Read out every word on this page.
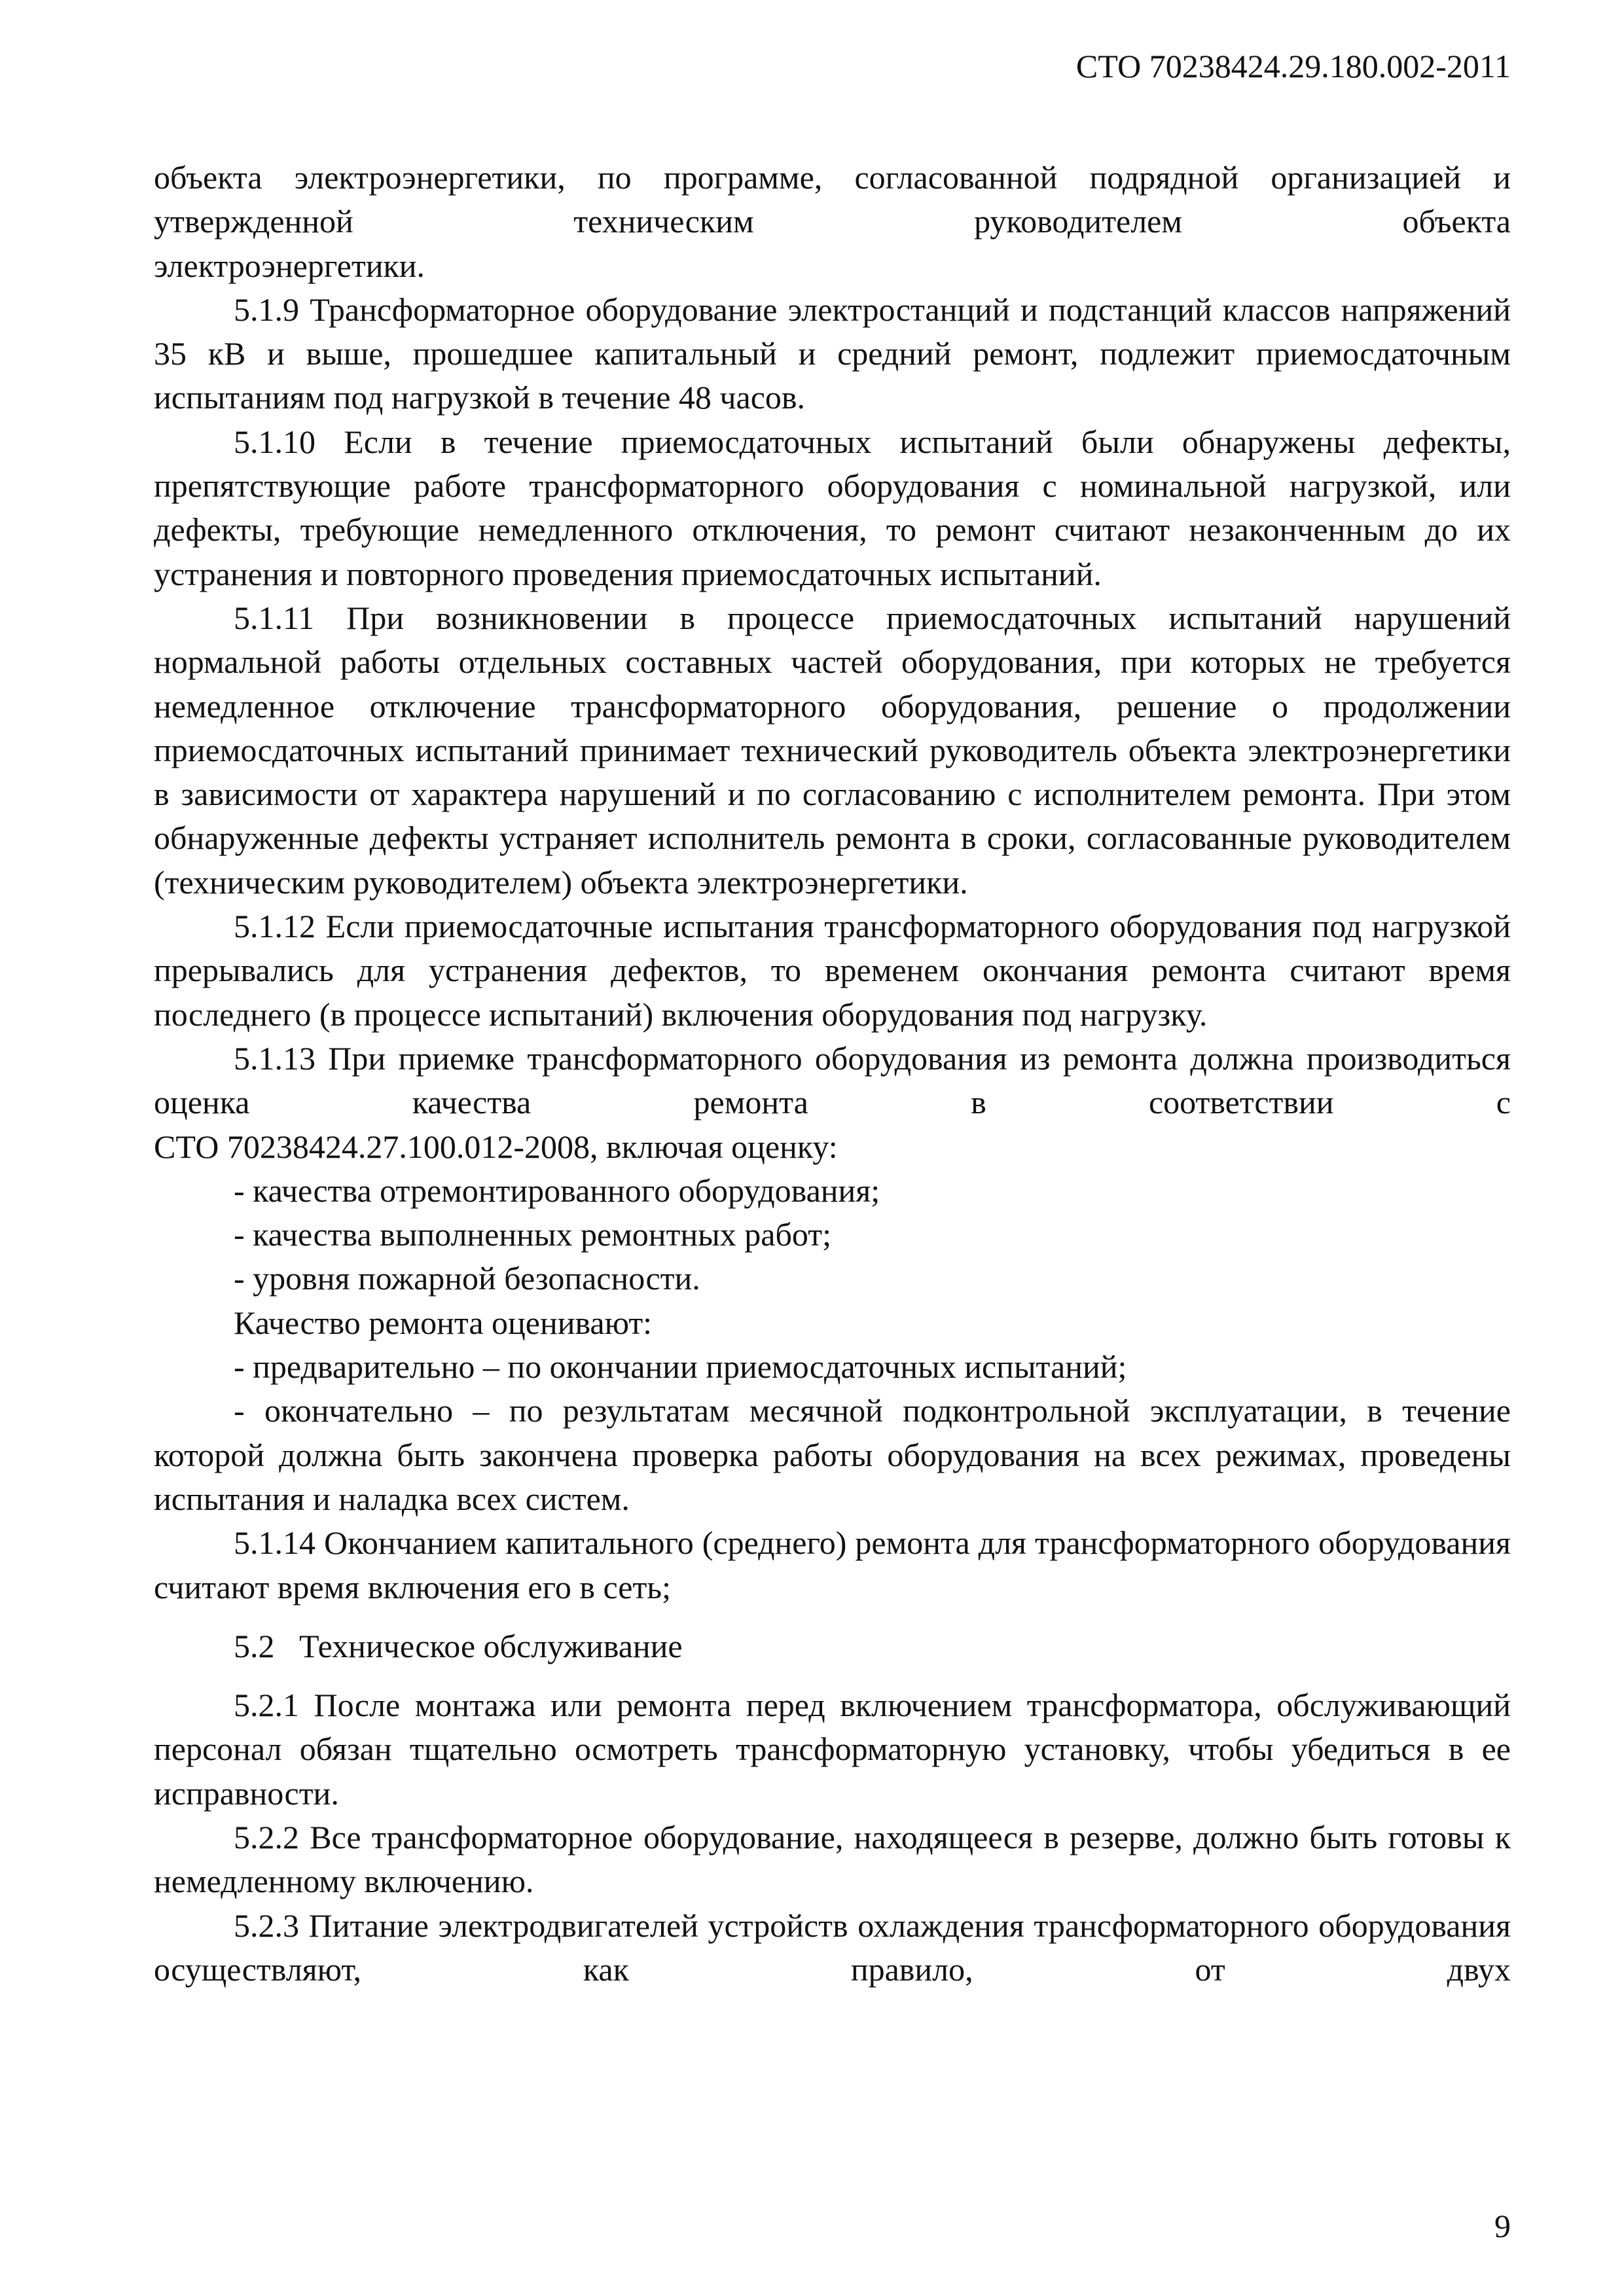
СТО 70238424.29.180.002-2011

объекта электроэнергетики, по программе, согласованной подрядной организацией и утвержденной техническим руководителем объекта

электроэнергетики.

5.1.9 Трансформаторное оборудование электростанций и подстанций классов напряжений 35 кВ и выше, прошедшее капитальный и средний ремонт, подлежит приемосдаточным испытаниям под нагрузкой в течение 48 часов.

5.1.10 Если в течение приемосдаточных испытаний были обнаружены дефекты, препятствующие работе трансформаторного оборудования с номинальной нагрузкой, или дефекты, требующие немедленного отключения, то ремонт считают незаконченным до их устранения и повторного проведения приемосдаточных испытаний.

5.1.11 При возникновении в процессе приемосдаточных испытаний нарушений нормальной работы отдельных составных частей оборудования, при которых не требуется немедленное отключение трансформаторного оборудования, решение о продолжении приемосдаточных испытаний принимает технический руководитель объекта электроэнергетики в зависимости от характера нарушений и по согласованию с исполнителем ремонта. При этом обнаруженные дефекты устраняет исполнитель ремонта в сроки, согласованные руководителем (техническим руководителем) объекта электроэнергетики.

5.1.12 Если приемосдаточные испытания трансформаторного оборудования под нагрузкой прерывались для устранения дефектов, то временем окончания ремонта считают время последнего (в процессе испытаний) включения оборудования под нагрузку.

5.1.13 При приемке трансформаторного оборудования из ремонта должна производиться оценка качества ремонта в соответствии с

СТО 70238424.27.100.012-2008, включая оценку:

- качества отремонтированного оборудования;
- качества выполненных ремонтных работ;
- уровня пожарной безопасности.
Качество ремонта оценивают:
- предварительно – по окончании приемосдаточных испытаний;

- окончательно – по результатам месячной подконтрольной эксплуатации, в течение которой должна быть закончена проверка работы оборудования на всех режимах, проведены испытания и наладка всех систем.

5.1.14 Окончанием капитального (среднего) ремонта для трансформаторного оборудования считают время включения его в сеть;

5.2   Техническое обслуживание

5.2.1 После монтажа или ремонта перед включением трансформатора, обслуживающий персонал обязан тщательно осмотреть трансформаторную установку, чтобы убедиться в ее исправности.

5.2.2 Все трансформаторное оборудование, находящееся в резерве, должно быть готовы к немедленному включению.

5.2.3 Питание электродвигателей устройств охлаждения трансформаторного оборудования осуществляют, как правило, от двух

9
